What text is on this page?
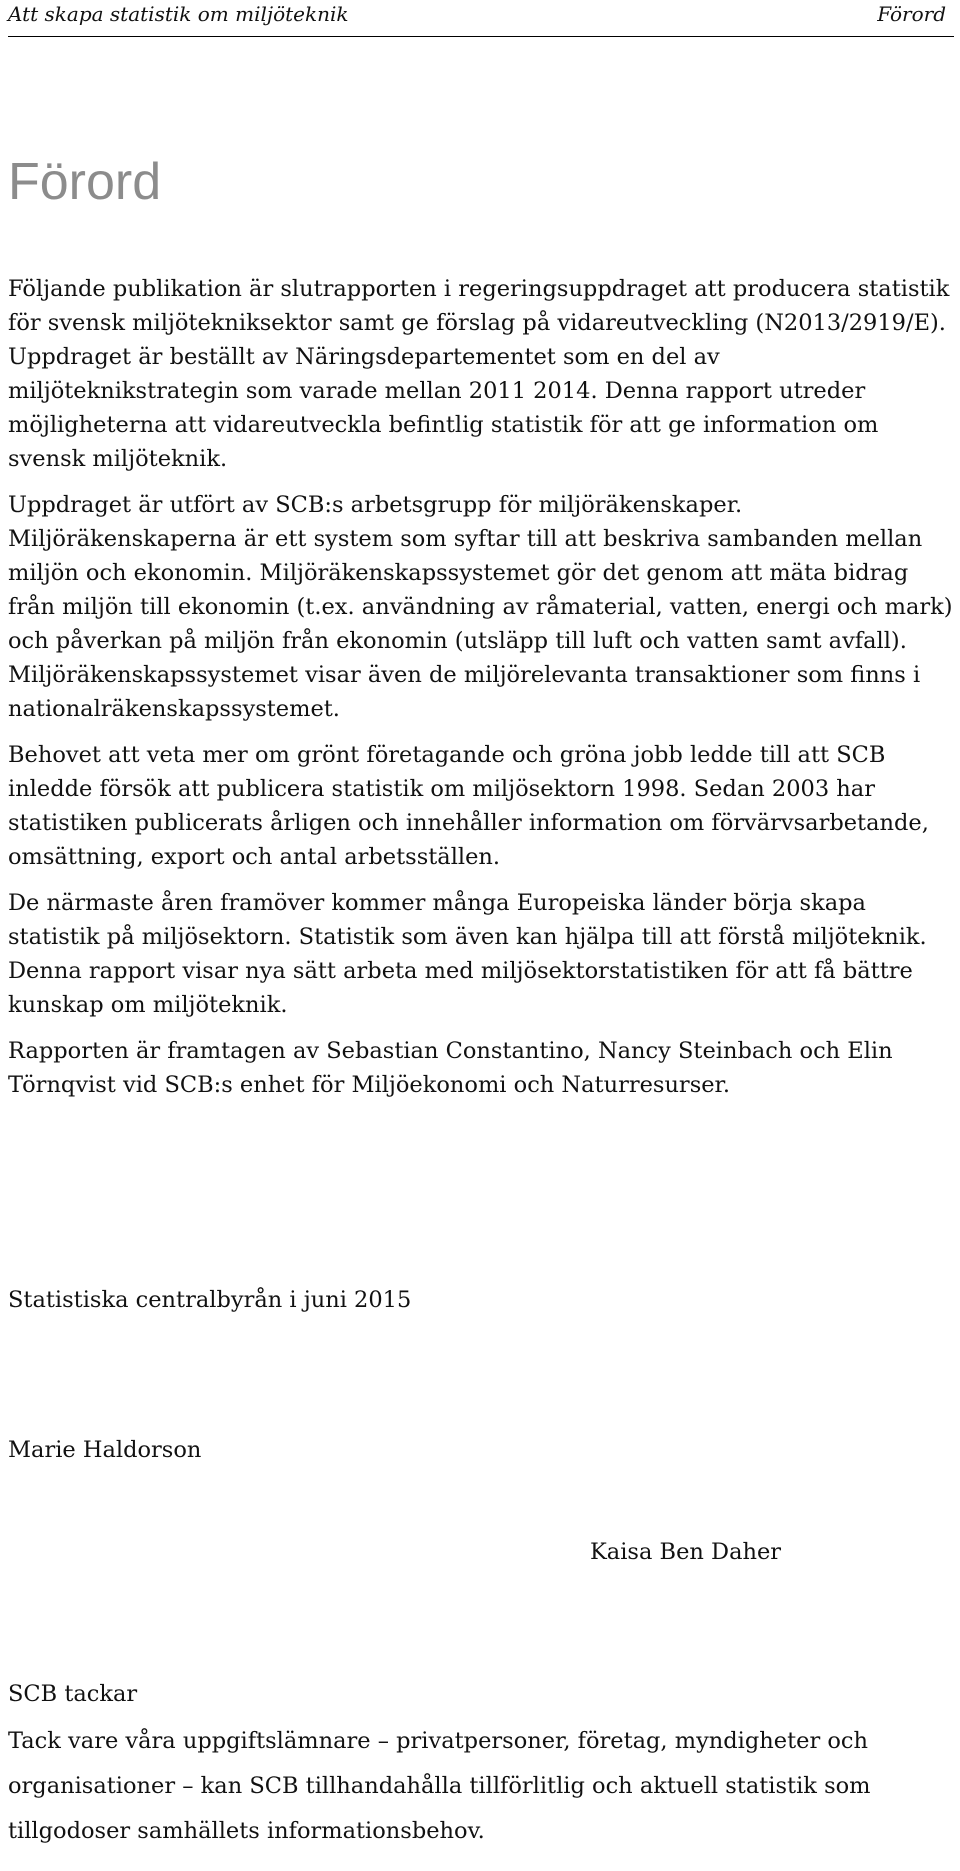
Att skapa statistik om miljöteknik	Förord
Förord

Följande publikation är slutrapporten i regeringsuppdraget att producera statistik för svensk miljötekniksektor samt ge förslag på vidareutveckling (N2013/2919/E). Uppdraget är beställt av Näringsdepartementet som en del av miljöteknikstrategin som varade mellan 2011 2014. Denna rapport utreder möjligheterna att vidareutveckla befintlig statistik för att ge information om svensk miljöteknik.

Uppdraget är utfört av SCB:s arbetsgrupp för miljöräkenskaper. Miljöräkenskaperna är ett system som syftar till att beskriva sambanden mellan miljön och ekonomin. Miljöräkenskapssystemet gör det genom att mäta bidrag från miljön till ekonomin (t.ex. användning av råmaterial, vatten, energi och mark) och påverkan på miljön från ekonomin (utsläpp till luft och vatten samt avfall). Miljöräkenskapssystemet visar även de miljörelevanta transaktioner som finns i nationalräkenskapssystemet.

Behovet att veta mer om grönt företagande och gröna jobb ledde till att SCB inledde försök att publicera statistik om miljösektorn 1998. Sedan 2003 har statistiken publicerats årligen och innehåller information om förvärvsarbetande, omsättning, export och antal arbetsställen.

De närmaste åren framöver kommer många Europeiska länder börja skapa statistik på miljösektorn. Statistik som även kan hjälpa till att förstå miljöteknik. Denna rapport visar nya sätt arbeta med miljösektorstatistiken för att få bättre kunskap om miljöteknik.

Rapporten är framtagen av Sebastian Constantino, Nancy Steinbach och Elin Törnqvist vid SCB:s enhet för Miljöekonomi och Naturresurser.

Statistiska centralbyrån i juni 2015

Marie Haldorson

Kaisa Ben Daher

SCB tackar

Tack vare våra uppgiftslämnare – privatpersoner, företag, myndigheter och organisationer – kan SCB tillhandahålla tillförlitlig och aktuell statistik som tillgodoser samhällets informationsbehov.
